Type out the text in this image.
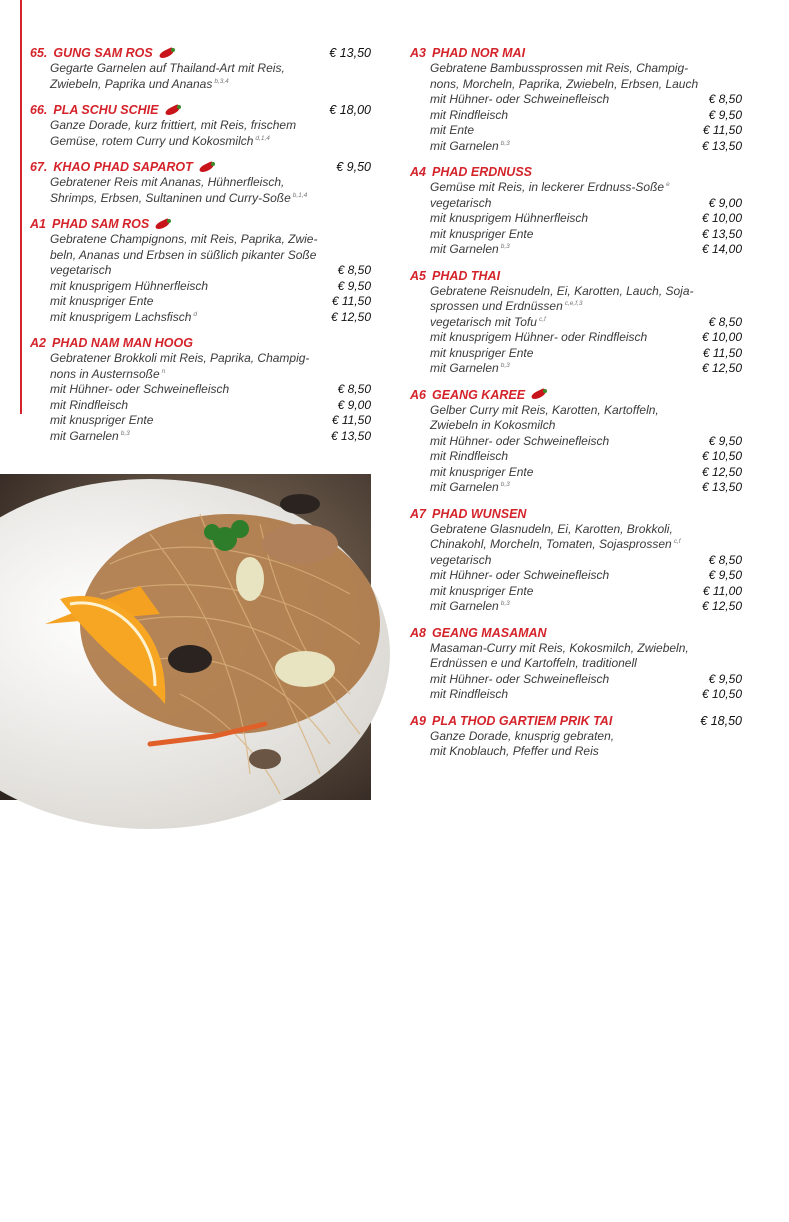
65. GUNG SAM ROS	€ 13,50
Gegarte Garnelen auf Thailand-Art mit Reis,
Zwiebeln, Paprika und Ananas $^{b,3,4}$
66. PLA SCHU SCHIE	€ 18,00
Ganze Dorade, kurz frittiert, mit Reis, frischem
Gemüse, rotem Curry und Kokosmilch $^{d,1,4}$
67. KHAO PHAD SAPAROT	€ 9,50
Gebratener Reis mit Ananas, Hühnerfleisch,
Shrimps, Erbsen, Sultaninen und Curry-Soße $^{b,1,4}$
A1 PHAD SAM ROS
Gebratene Champignons, mit Reis, Paprika, Zwie-
beln, Ananas und Erbsen in süßlich pikanter Soße
vegetarisch	€ 8,50
mit knusprigem Hühnerfleisch	€ 9,50
mit knuspriger Ente	€ 11,50
mit knusprigem Lachsfisch $^d$	€ 12,50
A2 PHAD NAM MAN HOOG
Gebratener Brokkoli mit Reis, Paprika, Champig-
nons in Austernsoße $^n$
mit Hühner- oder Schweinefleisch	€ 8,50
mit Rindfleisch	€ 9,00
mit knuspriger Ente	€ 11,50
mit Garnelen $^{b,3}$	€ 13,50
A3 PHAD NOR MAI
Gebratene Bambussprossen mit Reis, Champig-
nons, Morcheln, Paprika, Zwiebeln, Erbsen, Lauch
mit Hühner- oder Schweinefleisch	€ 8,50
mit Rindfleisch	€ 9,50
mit Ente	€ 11,50
mit Garnelen $^{b,3}$	€ 13,50
A4 PHAD ERDNUSS
Gemüse mit Reis, in leckerer Erdnuss-Soße $^e$
vegetarisch	€ 9,00
mit knusprigem Hühnerfleisch	€ 10,00
mit knuspriger Ente	€ 13,50
mit Garnelen $^{b,3}$	€ 14,00
A5 PHAD THAI
Gebratene Reisnudeln, Ei, Karotten, Lauch, Soja-
sprossen und Erdnüssen $^{c,e,f,3}$
vegetarisch mit Tofu $^{c,f}$	€ 8,50
mit knusprigem Hühner- oder Rindfleisch	€ 10,00
mit knuspriger Ente	€ 11,50
mit Garnelen $^{b,3}$	€ 12,50
A6 GEANG KAREE
Gelber Curry mit Reis, Karotten, Kartoffeln,
Zwiebeln in Kokosmilch
mit Hühner- oder Schweinefleisch	€ 9,50
mit Rindfleisch	€ 10,50
mit knuspriger Ente	€ 12,50
mit Garnelen $^{b,3}$	€ 13,50
A7 PHAD WUNSEN
Gebratene Glasnudeln, Ei, Karotten, Brokkoli,
Chinakohl, Morcheln, Tomaten, Sojasprossen $^{c,f}$
vegetarisch	€ 8,50
mit Hühner- oder Schweinefleisch	€ 9,50
mit knuspriger Ente	€ 11,00
mit Garnelen $^{b,3}$	€ 12,50
A8 GEANG MASAMAN
Masaman-Curry mit Reis, Kokosmilch, Zwiebeln,
Erdnüssen e und Kartoffeln, traditionell
mit Hühner- oder Schweinefleisch	€ 9,50
mit Rindfleisch	€ 10,50
A9 PLA THOD GARTIEM PRIK TAI	€ 18,50
Ganze Dorade, knusprig gebraten,
mit Knoblauch, Pfeffer und Reis
Nr. A7
PHAD WUNSEN
